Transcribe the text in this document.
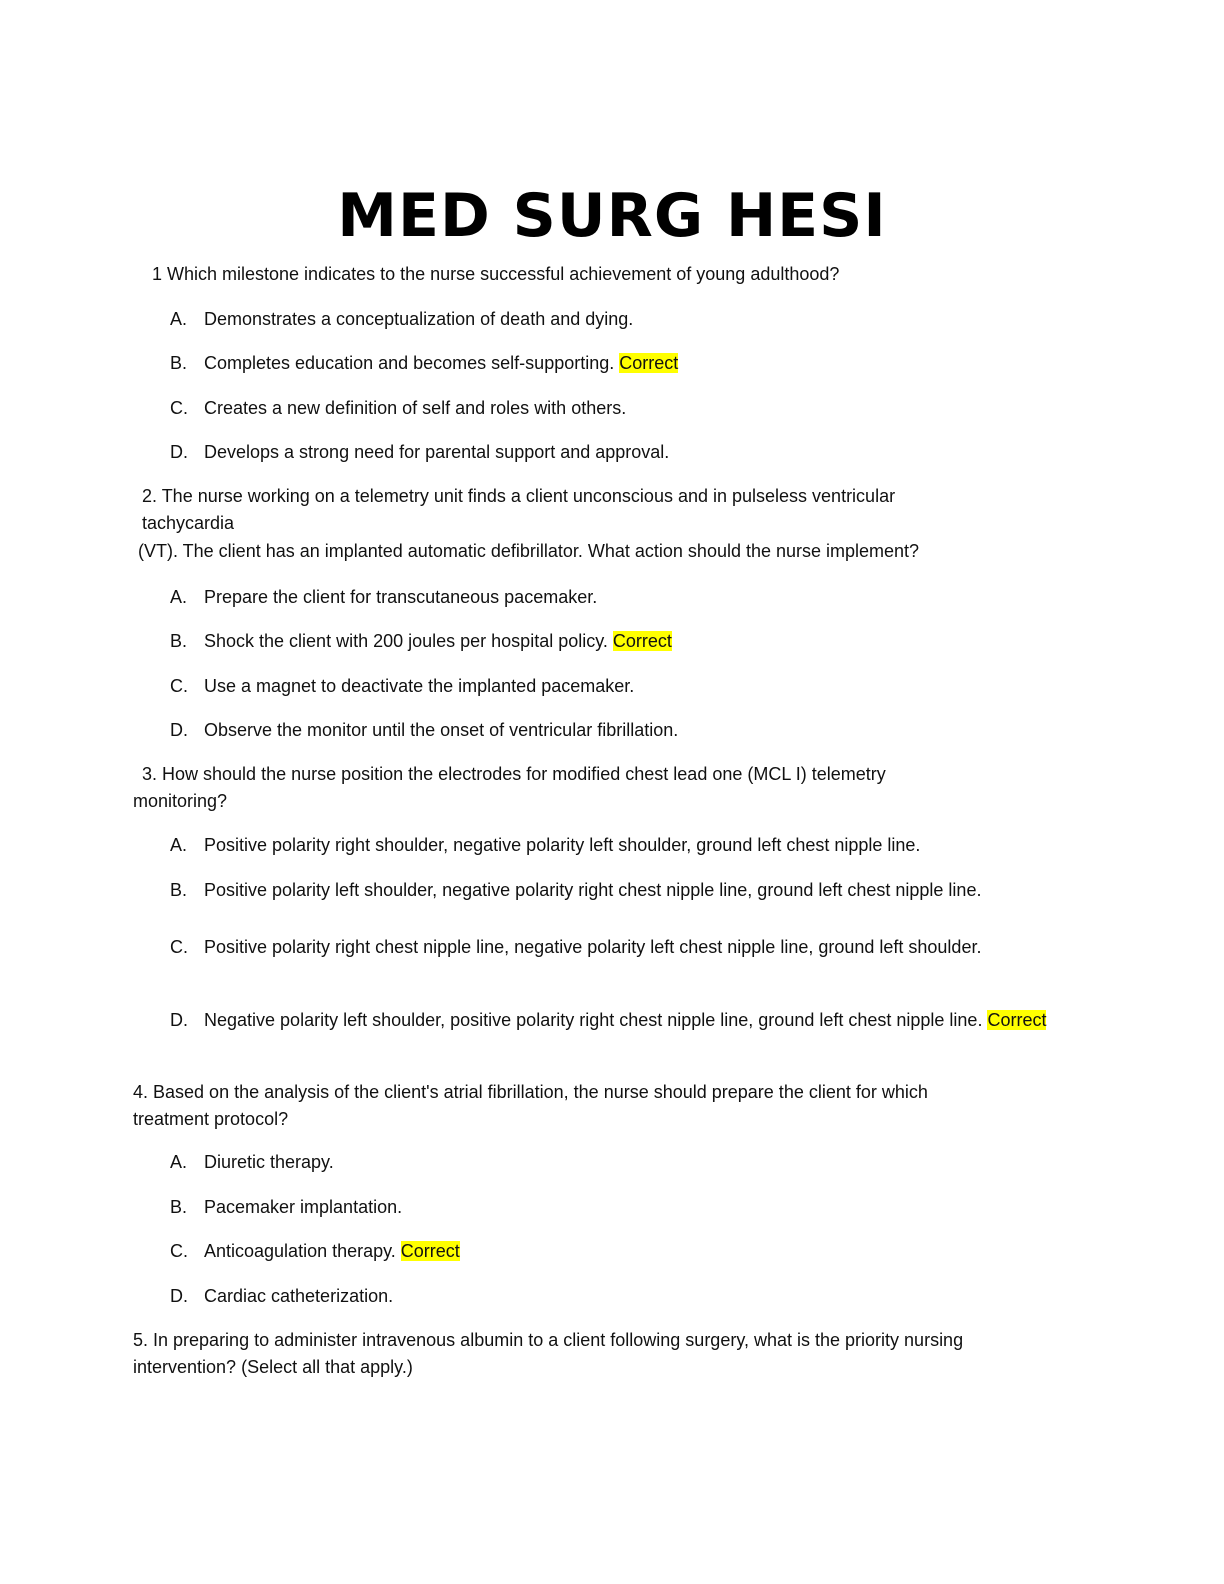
MED SURG HESI
1 Which milestone indicates to the nurse successful achievement of young adulthood?
A. Demonstrates a conceptualization of death and dying.
B. Completes education and becomes self-supporting. Correct
C. Creates a new definition of self and roles with others.
D. Develops a strong need for parental support and approval.
2. The nurse working on a telemetry unit finds a client unconscious and in pulseless ventricular
tachycardia
(VT). The client has an implanted automatic defibrillator. What action should the nurse implement?
A. Prepare the client for transcutaneous pacemaker.
B. Shock the client with 200 joules per hospital policy. Correct
C. Use a magnet to deactivate the implanted pacemaker.
D. Observe the monitor until the onset of ventricular fibrillation.
3. How should the nurse position the electrodes for modified chest lead one (MCL I) telemetry
monitoring?
A. Positive polarity right shoulder, negative polarity left shoulder, ground left chest nipple line.
B. Positive polarity left shoulder, negative polarity right chest nipple line, ground left chest nipple line.
C. Positive polarity right chest nipple line, negative polarity left chest nipple line, ground left shoulder.
D. Negative polarity left shoulder, positive polarity right chest nipple line, ground left chest nipple line. Correct
4. Based on the analysis of the client's atrial fibrillation, the nurse should prepare the client for which
treatment protocol?
A. Diuretic therapy.
B. Pacemaker implantation.
C. Anticoagulation therapy. Correct
D. Cardiac catheterization.
5. In preparing to administer intravenous albumin to a client following surgery, what is the priority nursing
intervention? (Select all that apply.)
